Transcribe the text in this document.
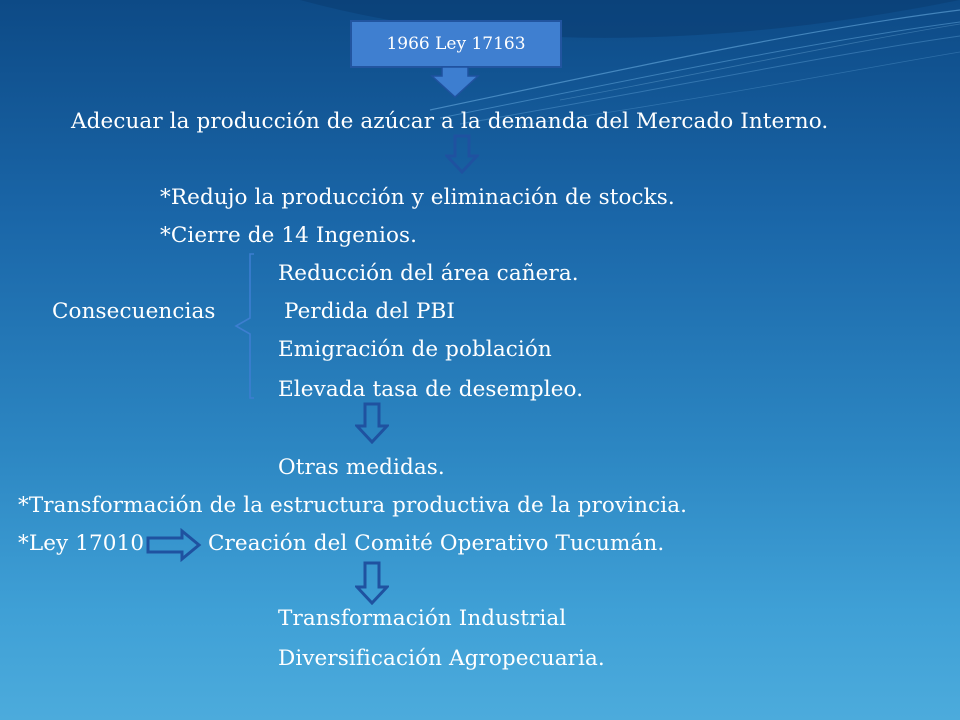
1966 Ley 17163
Adecuar la producción de azúcar a la demanda del Mercado Interno.
*Redujo la producción y eliminación de stocks.
*Cierre de 14 Ingenios.
Reducción del área cañera.
Consecuencias	Perdida del PBI
Emigración de población
Elevada tasa de desempleo.
Otras medidas.
*Transformación de la estructura productiva de la provincia.
*Ley 17010	Creación del Comité Operativo Tucumán.
Transformación Industrial
Diversificación Agropecuaria.
